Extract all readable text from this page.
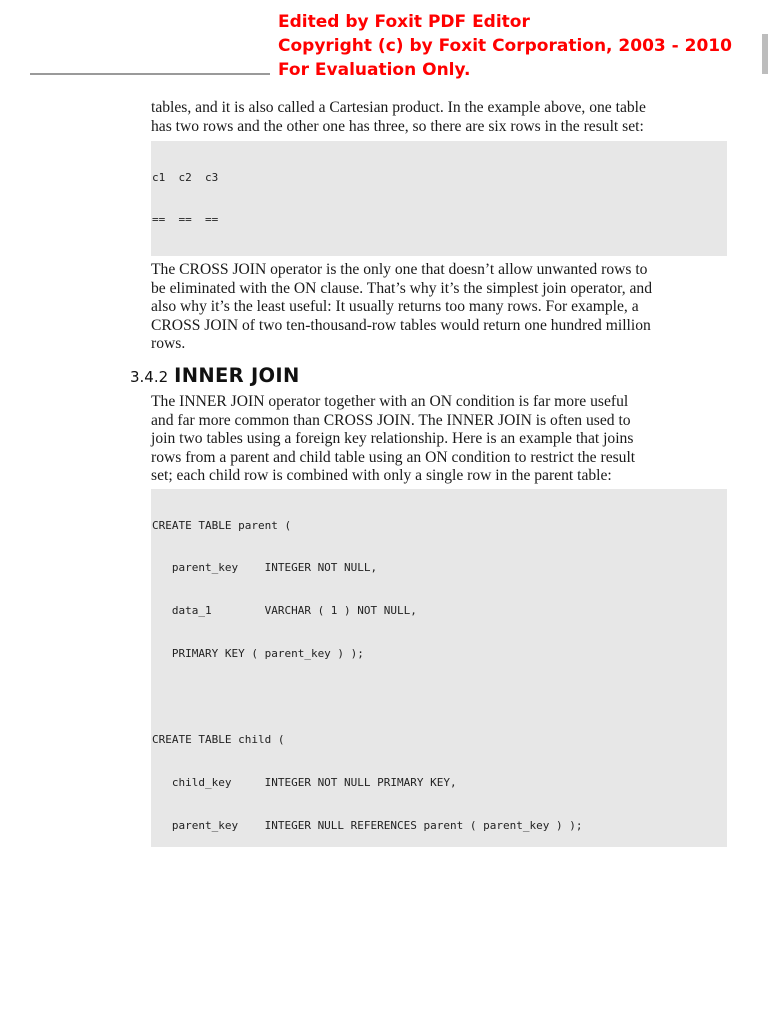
Edited by Foxit PDF Editor
Copyright (c) by Foxit Corporation, 2003 - 2010
For Evaluation Only.
tables, and it is also called a Cartesian product. In the example above, one table
has two rows and the other one has three, so there are six rows in the result set:

c1  c2  c3

==  ==  ==

The CROSS JOIN operator is the only one that doesn’t allow unwanted rows to
be eliminated with the ON clause. That’s why it’s the simplest join operator, and
also why it’s the least useful: It usually returns too many rows. For example, a
CROSS JOIN of two ten-thousand-row tables would return one hundred million
rows.
3.4.2 INNER JOIN
The INNER JOIN operator together with an ON condition is far more useful
and far more common than CROSS JOIN. The INNER JOIN is often used to
join two tables using a foreign key relationship. Here is an example that joins
rows from a parent and child table using an ON condition to restrict the result
set; each child row is combined with only a single row in the parent table:

CREATE TABLE parent (

parent_key    INTEGER NOT NULL,

data_1        VARCHAR ( 1 ) NOT NULL,

PRIMARY KEY ( parent_key ) );

CREATE TABLE child (

child_key     INTEGER NOT NULL PRIMARY KEY,

parent_key    INTEGER NULL REFERENCES parent ( parent_key ) );
